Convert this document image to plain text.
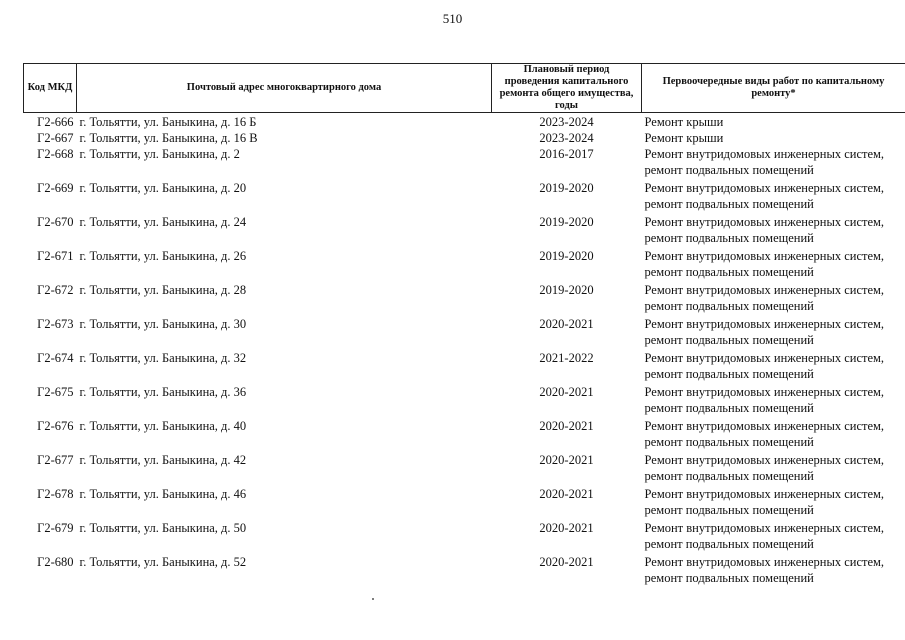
510
Код МКД	Почтовый адрес многоквартирного дома	Плановый период проведения капитального ремонта общего имущества, годы	Первоочередные виды работ по капитальному ремонту*
Г2-666	г. Тольятти, ул. Баныкина, д. 16 Б	2023-2024	Ремонт крыши

Г2-667	г. Тольятти, ул. Баныкина, д. 16 В	2023-2024	Ремонт крыши

Г2-668	г. Тольятти, ул. Баныкина, д. 2	2016-2017	Ремонт внутридомовых инженерных систем,
ремонт подвальных помещений

Г2-669	г. Тольятти, ул. Баныкина, д. 20	2019-2020	Ремонт внутридомовых инженерных систем,
ремонт подвальных помещений

Г2-670	г. Тольятти, ул. Баныкина, д. 24	2019-2020	Ремонт внутридомовых инженерных систем,
ремонт подвальных помещений

Г2-671	г. Тольятти, ул. Баныкина, д. 26	2019-2020	Ремонт внутридомовых инженерных систем,
ремонт подвальных помещений

Г2-672	г. Тольятти, ул. Баныкина, д. 28	2019-2020	Ремонт внутридомовых инженерных систем,
ремонт подвальных помещений

Г2-673	г. Тольятти, ул. Баныкина, д. 30	2020-2021	Ремонт внутридомовых инженерных систем,
ремонт подвальных помещений

Г2-674	г. Тольятти, ул. Баныкина, д. 32	2021-2022	Ремонт внутридомовых инженерных систем,
ремонт подвальных помещений

Г2-675	г. Тольятти, ул. Баныкина, д. 36	2020-2021	Ремонт внутридомовых инженерных систем,
ремонт подвальных помещений

Г2-676	г. Тольятти, ул. Баныкина, д. 40	2020-2021	Ремонт внутридомовых инженерных систем,
ремонт подвальных помещений

Г2-677	г. Тольятти, ул. Баныкина, д. 42	2020-2021	Ремонт внутридомовых инженерных систем,
ремонт подвальных помещений

Г2-678	г. Тольятти, ул. Баныкина, д. 46	2020-2021	Ремонт внутридомовых инженерных систем,
ремонт подвальных помещений

Г2-679	г. Тольятти, ул. Баныкина, д. 50	2020-2021	Ремонт внутридомовых инженерных систем,
ремонт подвальных помещений

Г2-680	г. Тольятти, ул. Баныкина, д. 52	2020-2021	Ремонт внутридомовых инженерных систем,
ремонт подвальных помещений
